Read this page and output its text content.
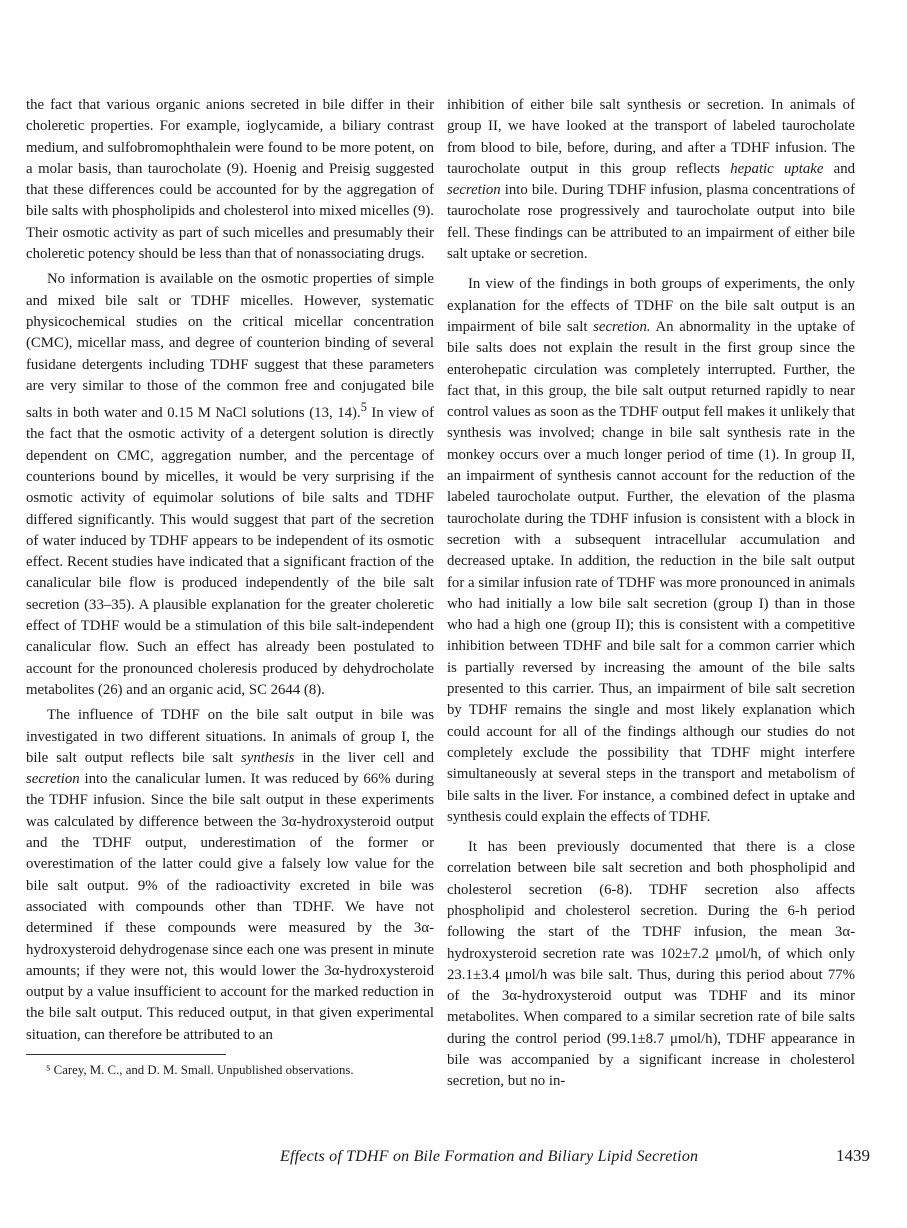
the fact that various organic anions secreted in bile differ in their choleretic properties. For example, ioglycamide, a biliary contrast medium, and sulfobromophthalein were found to be more potent, on a molar basis, than taurocholate (9). Hoenig and Preisig suggested that these differences could be accounted for by the aggregation of bile salts with phospholipids and cholesterol into mixed micelles (9). Their osmotic activity as part of such micelles and presumably their choleretic potency should be less than that of nonassociating drugs.

No information is available on the osmotic properties of simple and mixed bile salt or TDHF micelles. However, systematic physicochemical studies on the critical micellar concentration (CMC), micellar mass, and degree of counterion binding of several fusidane detergents including TDHF suggest that these parameters are very similar to those of the common free and conjugated bile salts in both water and 0.15 M NaCl solutions (13, 14).$^5$ In view of the fact that the osmotic activity of a detergent solution is directly dependent on CMC, aggregation number, and the percentage of counterions bound by micelles, it would be very surprising if the osmotic activity of equimolar solutions of bile salts and TDHF differed significantly. This would suggest that part of the secretion of water induced by TDHF appears to be independent of its osmotic effect. Recent studies have indicated that a significant fraction of the canalicular bile flow is produced independently of the bile salt secretion (33–35). A plausible explanation for the greater choleretic effect of TDHF would be a stimulation of this bile salt-independent canalicular flow. Such an effect has already been postulated to account for the pronounced choleresis produced by dehydrocholate metabolites (26) and an organic acid, SC 2644 (8).

The influence of TDHF on the bile salt output in bile was investigated in two different situations. In animals of group I, the bile salt output reflects bile salt synthesis in the liver cell and secretion into the canalicular lumen. It was reduced by 66% during the TDHF infusion. Since the bile salt output in these experiments was calculated by difference between the 3α-hydroxysteroid output and the TDHF output, underestimation of the former or overestimation of the latter could give a falsely low value for the bile salt output. 9% of the radioactivity excreted in bile was associated with compounds other than TDHF. We have not determined if these compounds were measured by the 3α-hydroxysteroid dehydrogenase since each one was present in minute amounts; if they were not, this would lower the 3α-hydroxysteroid output by a value insufficient to account for the marked reduction in the bile salt output. This reduced output, in that given experimental situation, can therefore be attributed to an

⁵ Carey, M. C., and D. M. Small. Unpublished observations.

inhibition of either bile salt synthesis or secretion. In animals of group II, we have looked at the transport of labeled taurocholate from blood to bile, before, during, and after a TDHF infusion. The taurocholate output in this group reflects hepatic uptake and secretion into bile. During TDHF infusion, plasma concentrations of taurocholate rose progressively and taurocholate output into bile fell. These findings can be attributed to an impairment of either bile salt uptake or secretion.

In view of the findings in both groups of experiments, the only explanation for the effects of TDHF on the bile salt output is an impairment of bile salt secretion. An abnormality in the uptake of bile salts does not explain the result in the first group since the enterohepatic circulation was completely interrupted. Further, the fact that, in this group, the bile salt output returned rapidly to near control values as soon as the TDHF output fell makes it unlikely that synthesis was involved; change in bile salt synthesis rate in the monkey occurs over a much longer period of time (1). In group II, an impairment of synthesis cannot account for the reduction of the labeled taurocholate output. Further, the elevation of the plasma taurocholate during the TDHF infusion is consistent with a block in secretion with a subsequent intracellular accumulation and decreased uptake. In addition, the reduction in the bile salt output for a similar infusion rate of TDHF was more pronounced in animals who had initially a low bile salt secretion (group I) than in those who had a high one (group II); this is consistent with a competitive inhibition between TDHF and bile salt for a common carrier which is partially reversed by increasing the amount of the bile salts presented to this carrier. Thus, an impairment of bile salt secretion by TDHF remains the single and most likely explanation which could account for all of the findings although our studies do not completely exclude the possibility that TDHF might interfere simultaneously at several steps in the transport and metabolism of bile salts in the liver. For instance, a combined defect in uptake and synthesis could explain the effects of TDHF.

It has been previously documented that there is a close correlation between bile salt secretion and both phospholipid and cholesterol secretion (6-8). TDHF secretion also affects phospholipid and cholesterol secretion. During the 6-h period following the start of the TDHF infusion, the mean 3α-hydroxysteroid secretion rate was 102±7.2 μmol/h, of which only 23.1±3.4 μmol/h was bile salt. Thus, during this period about 77% of the 3α-hydroxysteroid output was TDHF and its minor metabolites. When compared to a similar secretion rate of bile salts during the control period (99.1±8.7 μmol/h), TDHF appearance in bile was accompanied by a significant increase in cholesterol secretion, but no in-

Effects of TDHF on Bile Formation and Biliary Lipid Secretion	1439
